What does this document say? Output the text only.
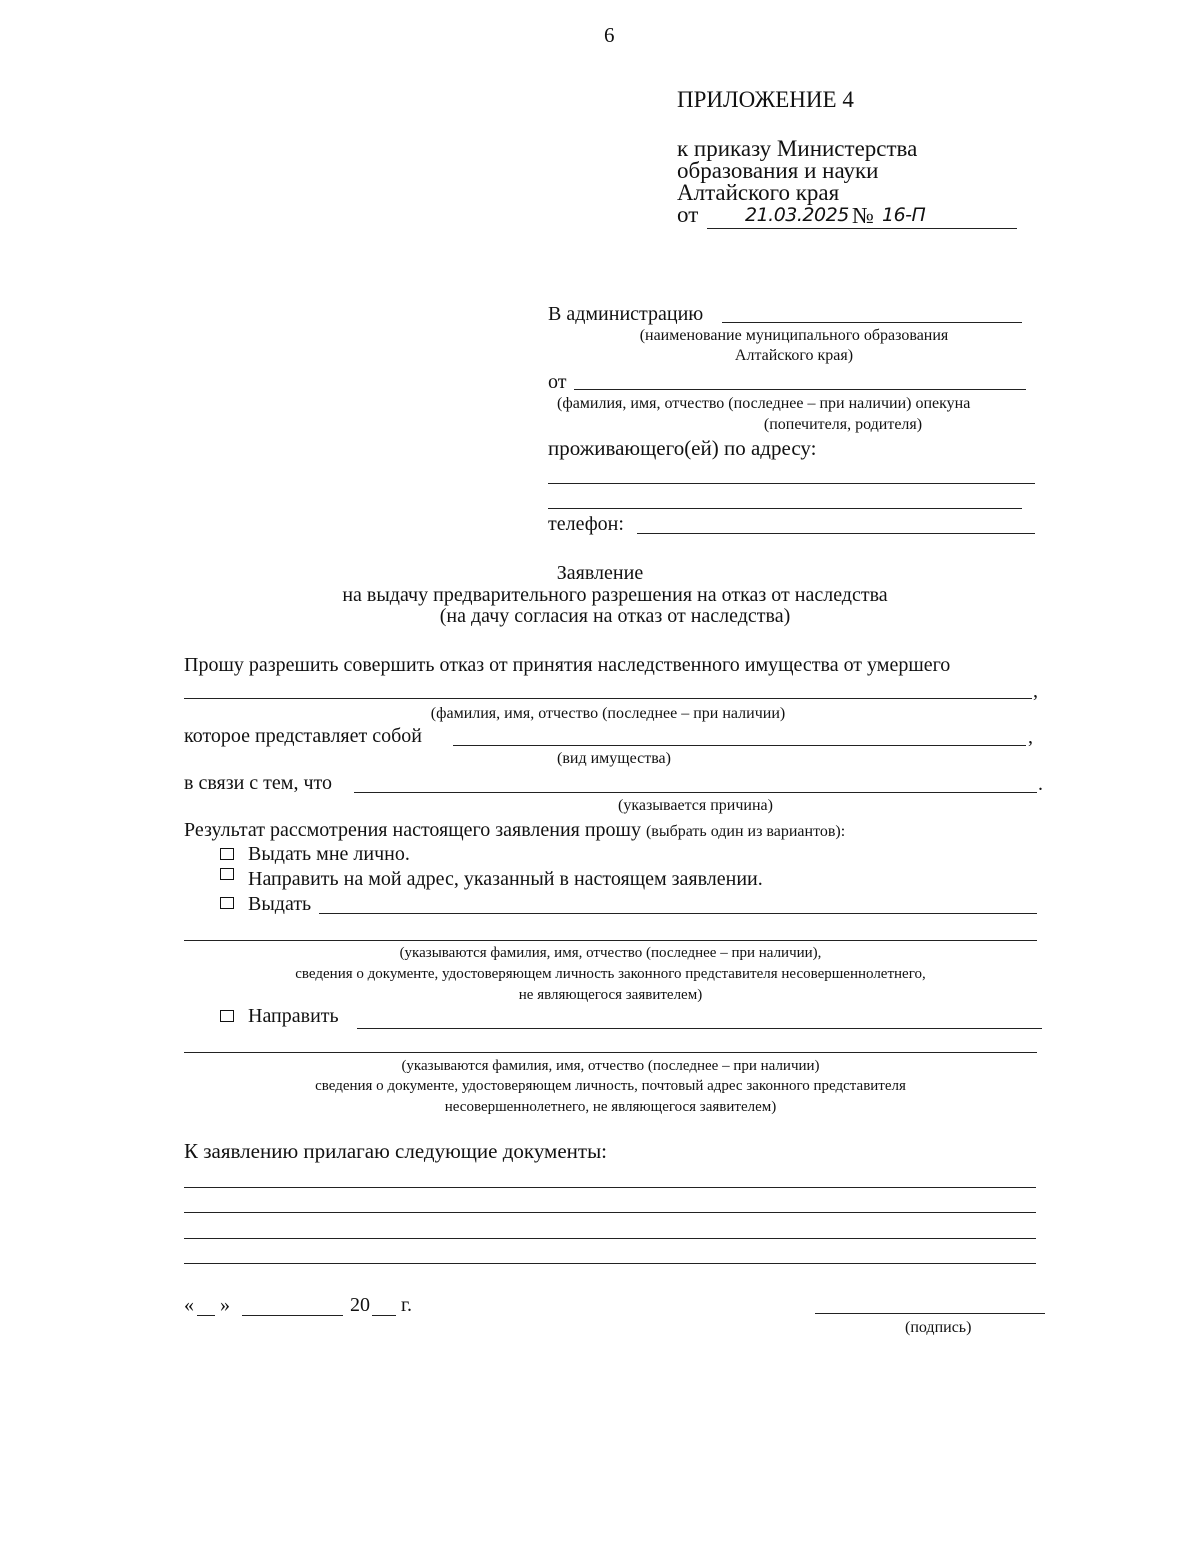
6
ПРИЛОЖЕНИЕ 4
к приказу Министерства
образования и науки
Алтайского края
от 21.03.2025 № 16-П
В администрацию
(наименование муниципального образования
Алтайского края)
от
(фамилия, имя, отчество (последнее – при наличии) опекуна
(попечителя, родителя)
проживающего(ей) по адресу:
телефон:
Заявление
на выдачу предварительного разрешения на отказ от наследства
(на дачу согласия на отказ от наследства)
Прошу разрешить совершить отказ от принятия наследственного имущества от умершего
,
(фамилия, имя, отчество (последнее – при наличии)
которое представляет собой	,
(вид имущества)
в связи с тем, что	.
(указывается причина)
Результат рассмотрения настоящего заявления прошу (выбрать один из вариантов):
Выдать мне лично.
Направить на мой адрес, указанный в настоящем заявлении.
Выдать
(указываются фамилия, имя, отчество (последнее – при наличии),
сведения о документе, удостоверяющем личность законного представителя несовершеннолетнего,
не являющегося заявителем)
Направить
(указываются фамилия, имя, отчество (последнее – при наличии)
сведения о документе, удостоверяющем личность, почтовый адрес законного представителя
несовершеннолетнего, не являющегося заявителем)
К заявлению прилагаю следующие документы:
« »	20 г.
(подпись)
